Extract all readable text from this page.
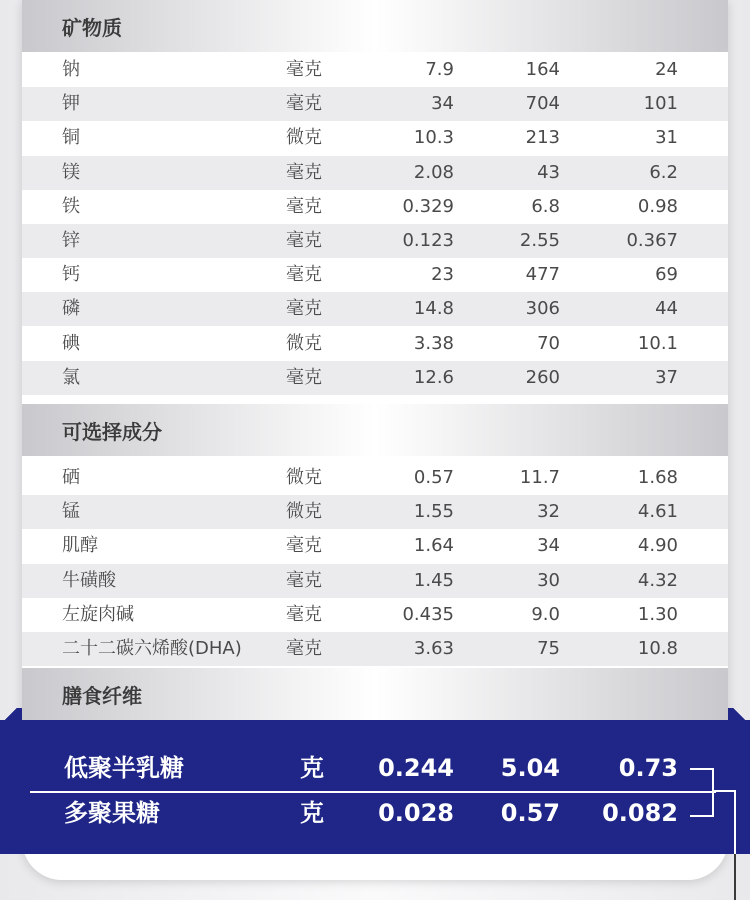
矿物质
钠	毫克	7.9	164	24
钾	毫克	34	704	101
铜	微克	10.3	213	31
镁	毫克	2.08	43	6.2
铁	毫克	0.329	6.8	0.98
锌	毫克	0.123	2.55	0.367
钙	毫克	23	477	69
磷	毫克	14.8	306	44
碘	微克	3.38	70	10.1
氯	毫克	12.6	260	37
可选择成分
硒	微克	0.57	11.7	1.68
锰	微克	1.55	32	4.61
肌醇	毫克	1.64	34	4.90
牛磺酸	毫克	1.45	30	4.32
左旋肉碱	毫克	0.435	9.0	1.30
二十二碳六烯酸(DHA) 毫克	3.63	75	10.8
膳食纤维
低聚半乳糖	克 0.244 5.04 0.73
多聚果糖	克 0.028 0.57 0.082
